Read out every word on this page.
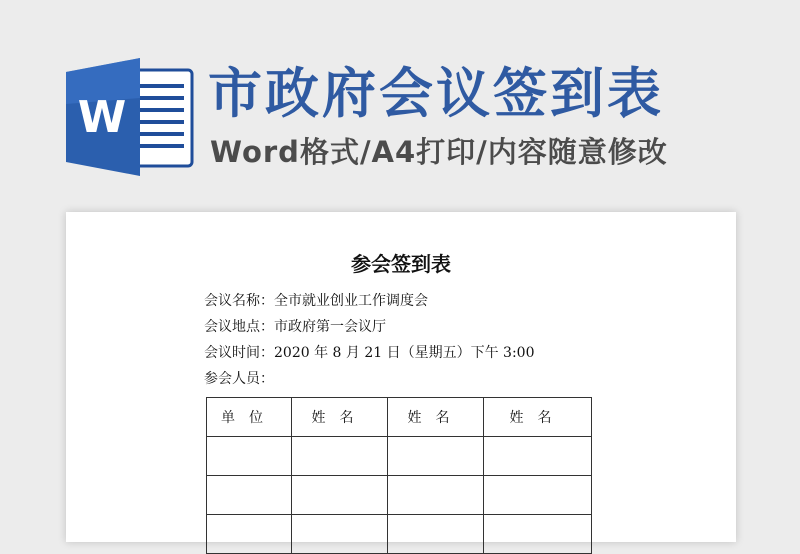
W 市政府会议签到表
Word格式/A4打印/内容随意修改
参会签到表
会议名称：全市就业创业工作调度会
会议地点：市政府第一会议厅
会议时间：2020 年 8 月 21 日（星期五）下午 3:00
参会人员：
单位	姓名	姓名	姓名
